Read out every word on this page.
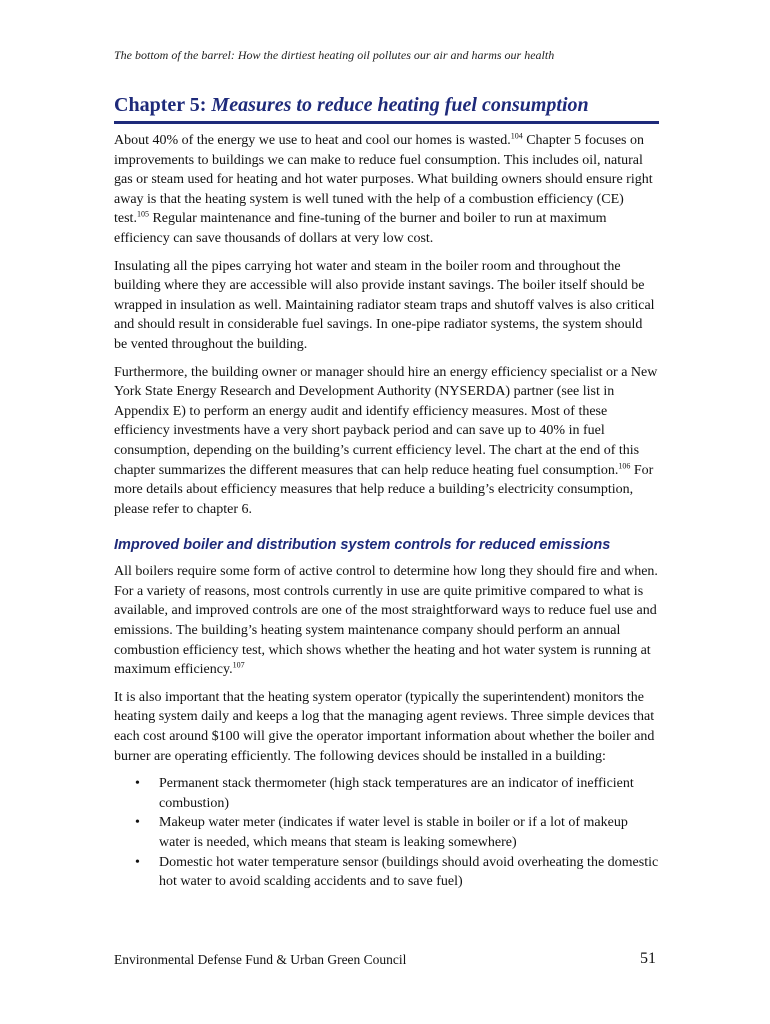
The bottom of the barrel: How the dirtiest heating oil pollutes our air and harms our health
Chapter 5: Measures to reduce heating fuel consumption

About 40% of the energy we use to heat and cool our homes is wasted.$^{104}$ Chapter 5 focuses on improvements to buildings we can make to reduce fuel consumption. This includes oil, natural gas or steam used for heating and hot water purposes. What building owners should ensure right away is that the heating system is well tuned with the help of a combustion efficiency (CE) test.$^{105}$ Regular maintenance and fine-tuning of the burner and boiler to run at maximum efficiency can save thousands of dollars at very low cost.

Insulating all the pipes carrying hot water and steam in the boiler room and throughout the building where they are accessible will also provide instant savings. The boiler itself should be wrapped in insulation as well. Maintaining radiator steam traps and shutoff valves is also critical and should result in considerable fuel savings. In one-pipe radiator systems, the system should be vented throughout the building.

Furthermore, the building owner or manager should hire an energy efficiency specialist or a New York State Energy Research and Development Authority (NYSERDA) partner (see list in Appendix E) to perform an energy audit and identify efficiency measures. Most of these efficiency investments have a very short payback period and can save up to 40% in fuel consumption, depending on the building’s current efficiency level. The chart at the end of this chapter summarizes the different measures that can help reduce heating fuel consumption.$^{106}$ For more details about efficiency measures that help reduce a building’s electricity consumption, please refer to chapter 6.

Improved boiler and distribution system controls for reduced emissions

All boilers require some form of active control to determine how long they should fire and when. For a variety of reasons, most controls currently in use are quite primitive compared to what is available, and improved controls are one of the most straightforward ways to reduce fuel use and emissions. The building’s heating system maintenance company should perform an annual combustion efficiency test, which shows whether the heating and hot water system is running at maximum efficiency.$^{107}$

It is also important that the heating system operator (typically the superintendent) monitors the heating system daily and keeps a log that the managing agent reviews. Three simple devices that each cost around $100 will give the operator important information about whether the boiler and burner are operating efficiently. The following devices should be installed in a building:

• Permanent stack thermometer (high stack temperatures are an indicator of inefficient combustion)
• Makeup water meter (indicates if water level is stable in boiler or if a lot of makeup water is needed, which means that steam is leaking somewhere)
• Domestic hot water temperature sensor (buildings should avoid overheating the domestic hot water to avoid scalding accidents and to save fuel)
Environmental Defense Fund & Urban Green Council	51
